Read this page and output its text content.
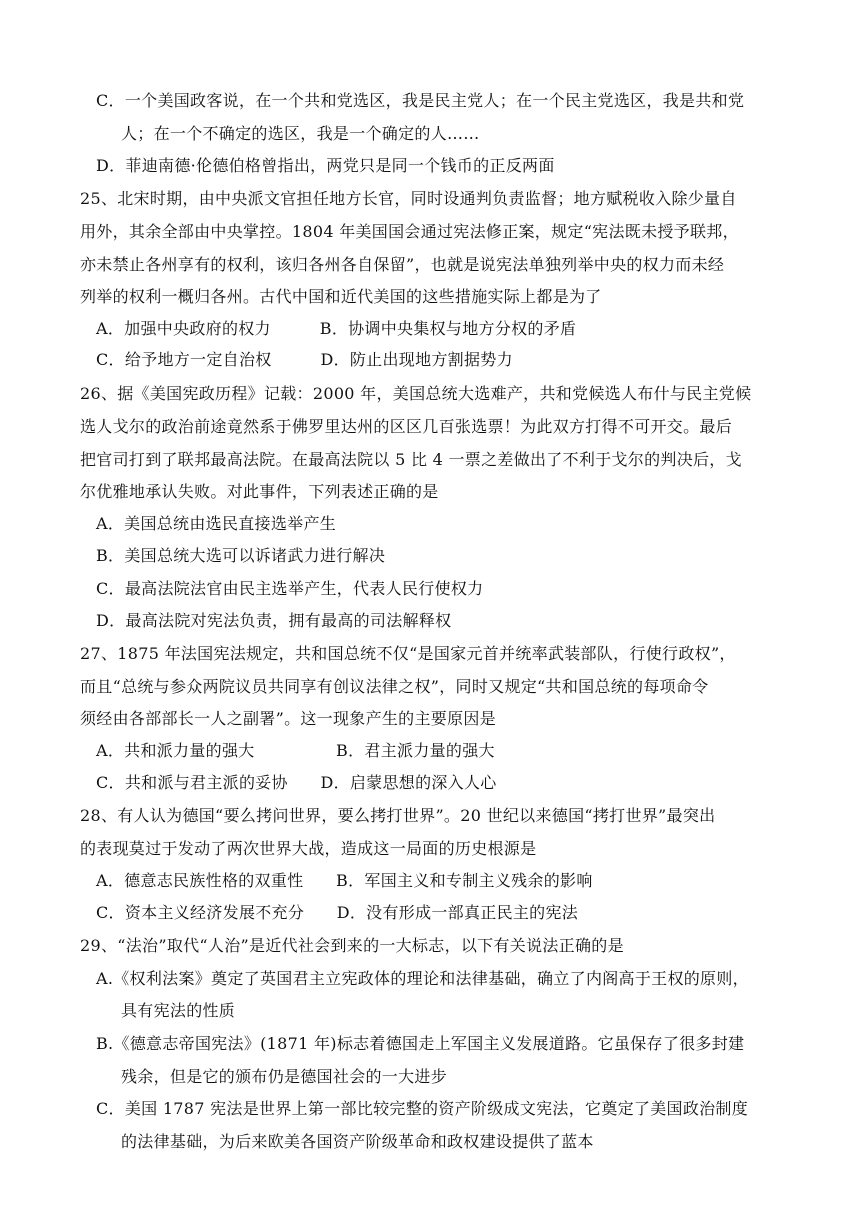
C．一个美国政客说，在一个共和党选区，我是民主党人；在一个民主党选区，我是共和党
人；在一个不确定的选区，我是一个确定的人……
D．菲迪南德·伦德伯格曾指出，两党只是同一个钱币的正反两面
25、北宋时期，由中央派文官担任地方长官，同时设通判负责监督；地方赋税收入除少量自
用外，其余全部由中央掌控。1804 年美国国会通过宪法修正案，规定“宪法既未授予联邦，
亦未禁止各州享有的权利，该归各州各自保留”，也就是说宪法单独列举中央的权力而未经
列举的权利一概归各州。古代中国和近代美国的这些措施实际上都是为了
A．加强中央政府的权力　　　B．协调中央集权与地方分权的矛盾
C．给予地方一定自治权　　　D．防止出现地方割据势力
26、据《美国宪政历程》记载：2000 年，美国总统大选难产，共和党候选人布什与民主党候
选人戈尔的政治前途竟然系于佛罗里达州的区区几百张选票！为此双方打得不可开交。最后
把官司打到了联邦最高法院。在最高法院以 5 比 4 一票之差做出了不利于戈尔的判决后，戈
尔优雅地承认失败。对此事件，下列表述正确的是
A．美国总统由选民直接选举产生
B．美国总统大选可以诉诸武力进行解决
C．最高法院法官由民主选举产生，代表人民行使权力
D．最高法院对宪法负责，拥有最高的司法解释权
27、1875 年法国宪法规定，共和国总统不仅“是国家元首并统率武装部队，行使行政权”，
而且“总统与参众两院议员共同享有创议法律之权”，同时又规定“共和国总统的每项命令
须经由各部部长一人之副署”。这一现象产生的主要原因是
A．共和派力量的强大　　　　　B．君主派力量的强大
C．共和派与君主派的妥协　　D．启蒙思想的深入人心
28、有人认为德国“要么拷问世界，要么拷打世界”。20 世纪以来德国“拷打世界”最突出
的表现莫过于发动了两次世界大战，造成这一局面的历史根源是
A．德意志民族性格的双重性　　B．军国主义和专制主义残余的影响
C．资本主义经济发展不充分　　D．没有形成一部真正民主的宪法
29、“法治”取代“人治”是近代社会到来的一大标志，以下有关说法正确的是
A.《权利法案》奠定了英国君主立宪政体的理论和法律基础，确立了内阁高于王权的原则，
具有宪法的性质
B.《德意志帝国宪法》(1871 年)标志着德国走上军国主义发展道路。它虽保存了很多封建
残余，但是它的颁布仍是德国社会的一大进步
C．美国 1787 宪法是世界上第一部比较完整的资产阶级成文宪法，它奠定了美国政治制度
的法律基础，为后来欧美各国资产阶级革命和政权建设提供了蓝本
